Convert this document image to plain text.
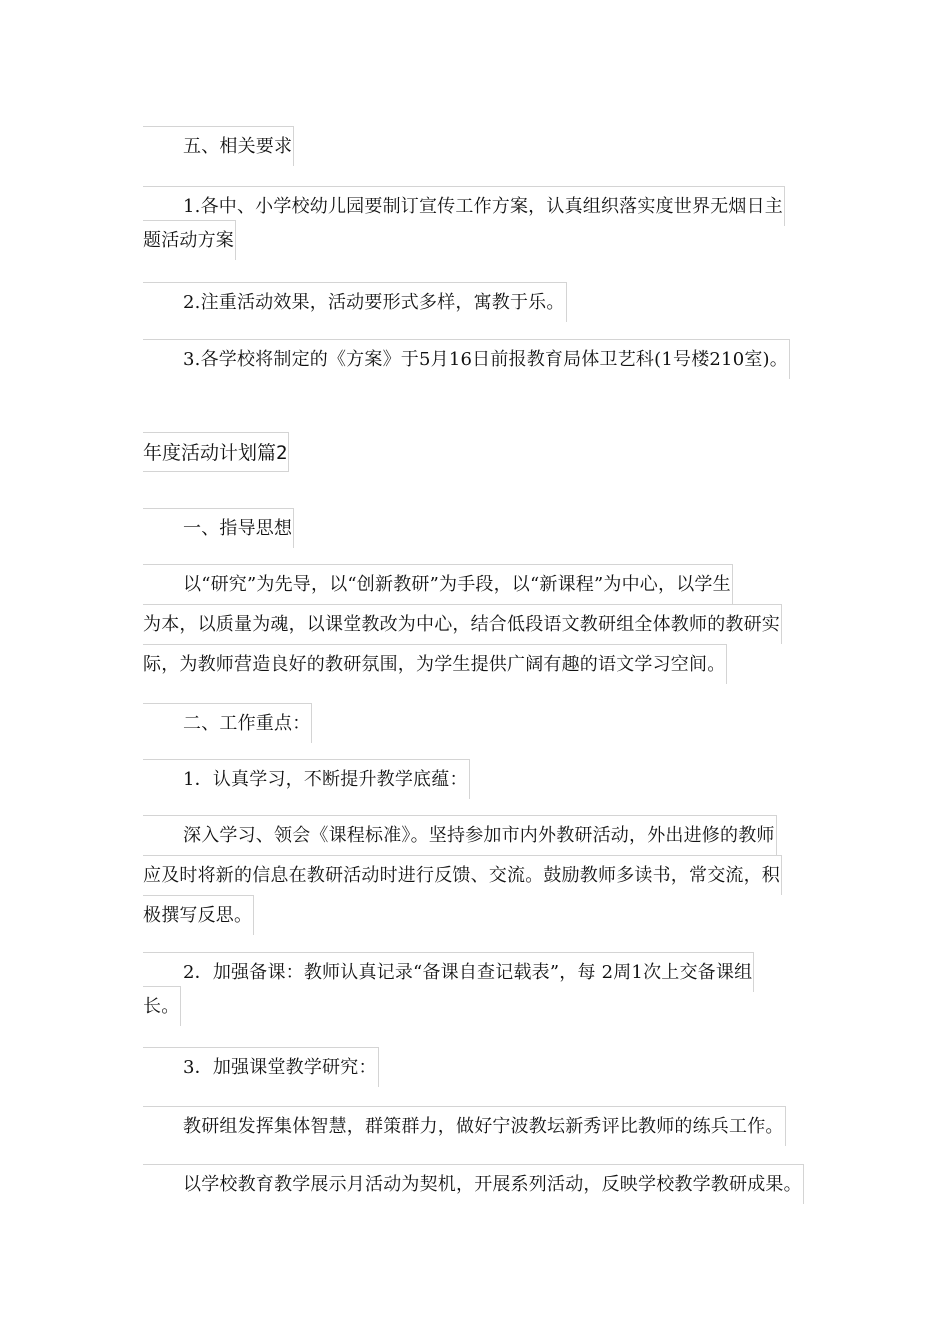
五、相关要求
1.各中、小学校幼儿园要制订宣传工作方案，认真组织落实度世界无烟日主
题活动方案
2.注重活动效果，活动要形式多样，寓教于乐。
3.各学校将制定的《方案》于5月16日前报教育局体卫艺科(1号楼210室)。
年度活动计划篇2
一、指导思想
以“研究”为先导，以“创新教研”为手段，以“新课程”为中心，以学生
为本，以质量为魂，以课堂教改为中心，结合低段语文教研组全体教师的教研实
际，为教师营造良好的教研氛围，为学生提供广阔有趣的语文学习空间。
二、工作重点：
1．认真学习，不断提升教学底蕴：
深入学习、领会《课程标准》。坚持参加市内外教研活动，外出进修的教师
应及时将新的信息在教研活动时进行反馈、交流。鼓励教师多读书，常交流，积
极撰写反思。
2．加强备课：教师认真记录“备课自查记载表”，每 2周1次上交备课组
长。
3．加强课堂教学研究：
教研组发挥集体智慧，群策群力，做好宁波教坛新秀评比教师的练兵工作。
以学校教育教学展示月活动为契机，开展系列活动，反映学校教学教研成果。
